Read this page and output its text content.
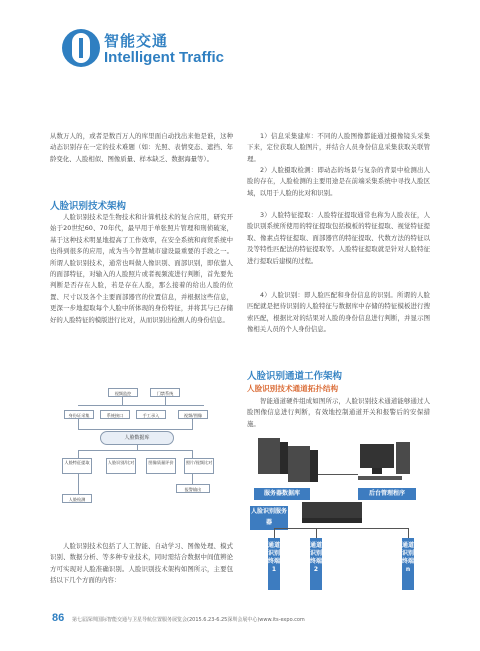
智能交通
Intelligent Traffic
从数万人的，或者是数百万人的库里面自动找出来他是谁，这种动态识别存在一定的技术难题（如：光照、表情变态、遮挡、年龄变化、人脸相似、图像质量、样本缺乏、数据海量等）。
人脸识别技术架构
人脸识别技术是生物技术和计算机技术的复合应用，研究开始于20世纪60、70年代，最早用于单张照片管理和刑侦破案，基于这种技术明显地提高了工作效率，在安全系统和商贸系统中也得到很多的应用，成为当今智慧城市建设最重要的手段之一。所谓人脸识别技术，通常也叫做人像识别、面部识别，即依靠人的面部特征，对输入的人脸照片或者视频流进行判断，首先要先判断是否存在人脸，若是存在人脸，那么接着的给出人脸的位置、尺寸以及各个主要面部器官的位置信息，并根据这些信息，更深一步地提取每个人脸中所体现的身份特征，并将其与已存储好的人脸特征的模版进行比对，从而识别出检测人的身份信息。
视频监控	门禁系统
身份证采集	系统接口	手工录入	视频/图像
人脸数据库
人脸特征提取	人脸识别/比对	图像质量评价	照片/视频比对
人脸检测
报警输出
人脸识别技术包括了人工智能、自动学习、图像处理、模式识别、数据分析、等多种专业技术，同时需结合数据中间值辨论方可实现对人脸准确识别。人脸识别技术架构如图所示，主要包括以下几个方面的内容：
1）信息采集建库：不同的人脸图像都能通过摄像镜头采集下来，定位获取人脸图片，并结合人员身份信息采集获取关联管理。
2）人脸摄取检测：即动态的场景与复杂的背景中检测出人脸的存在，人脸检测的主要用途是在前端采集系统中寻找人脸区域，以用于人脸的比对和识别。
3）人脸特征提取：人脸特征提取通常也称为人脸表征，人脸识别系统所使用的特征提取包括模板的特征提取、视觉特征提取、像素点特征提取、面部器官的特征提取、代数方法的特征以及等特性匹配法的特征提取等。人脸特征提取就是针对人脸特征进行提取后建模的过程。
4）人脸识别：即人脸匹配和身份信息的识别。所谓的人脸匹配就是把待识别的人脸特征与数据库中存储的特征模板进行搜索匹配，根据比对的结果对人脸的身份信息进行判断，并显示图像相关人员的个人身份信息。
人脸识别通道工作架构
人脸识别技术通道拓扑结构
智能通道硬件组成如图所示，人脸识别技术通道能够通过人脸图像信息进行判断，有效地控制通道开关和报警后的安保措施。
服务器数据库	后台管理程序
人脸识别服务器
通道识别终端1
通道识别终端2
通道识别终端n
86 第七届深圳国际智能交通与卫星导航位置服务展览会(2015.6.23-6.25深圳会展中心)www.its-expo.com
